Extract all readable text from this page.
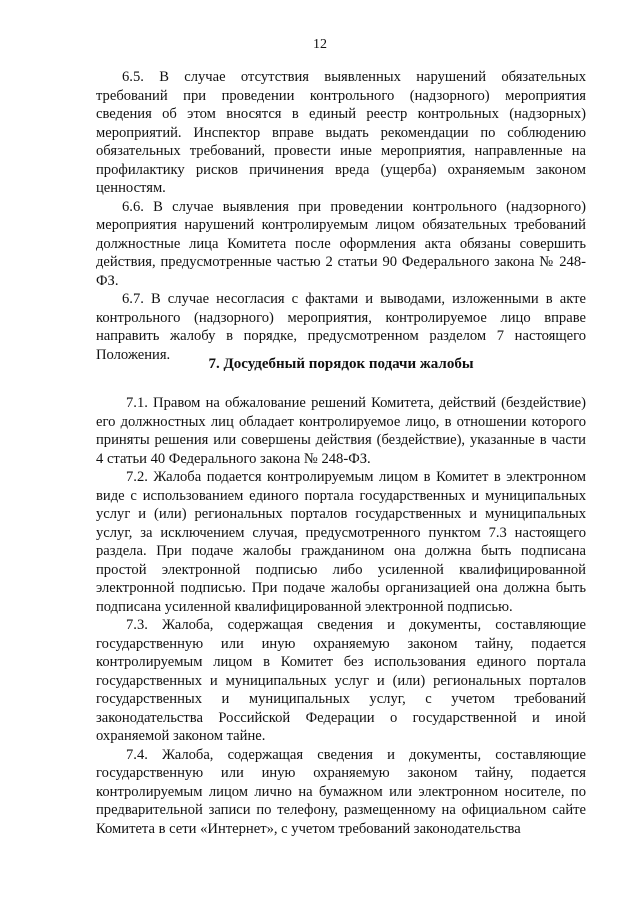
12

6.5. В случае отсутствия выявленных нарушений обязательных требований при проведении контрольного (надзорного) мероприятия сведения об этом вносятся в единый реестр контрольных (надзорных) мероприятий. Инспектор вправе выдать рекомендации по соблюдению обязательных требований, провести иные мероприятия, направленные на профилактику рисков причинения вреда (ущерба) охраняемым законом ценностям.

6.6. В случае выявления при проведении контрольного (надзорного) мероприятия нарушений контролируемым лицом обязательных требований должностные лица Комитета после оформления акта обязаны совершить действия, предусмотренные частью 2 статьи 90 Федерального закона № 248-ФЗ.

6.7. В случае несогласия с фактами и выводами, изложенными в акте контрольного (надзорного) мероприятия, контролируемое лицо вправе направить жалобу в порядке, предусмотренном разделом 7 настоящего Положения.

7. Досудебный порядок подачи жалобы

7.1. Правом на обжалование решений Комитета, действий (бездействие) его должностных лиц обладает контролируемое лицо, в отношении которого приняты решения или совершены действия (бездействие), указанные в части 4 статьи 40 Федерального закона № 248-ФЗ.

7.2. Жалоба подается контролируемым лицом в Комитет в электронном виде с использованием единого портала государственных и муниципальных услуг и (или) региональных порталов государственных и муниципальных услуг, за исключением случая, предусмотренного пунктом 7.3 настоящего раздела. При подаче жалобы гражданином она должна быть подписана простой электронной подписью либо усиленной квалифицированной электронной подписью. При подаче жалобы организацией она должна быть подписана усиленной квалифицированной электронной подписью.

7.3. Жалоба, содержащая сведения и документы, составляющие государственную или иную охраняемую законом тайну, подается контролируемым лицом в Комитет без использования единого портала государственных и муниципальных услуг и (или) региональных порталов государственных и муниципальных услуг, с учетом требований законодательства Российской Федерации о государственной и иной охраняемой законом тайне.

7.4. Жалоба, содержащая сведения и документы, составляющие государственную или иную охраняемую законом тайну, подается контролируемым лицом лично на бумажном или электронном носителе, по предварительной записи по телефону, размещенному на официальном сайте Комитета в сети «Интернет», с учетом требований законодательства
